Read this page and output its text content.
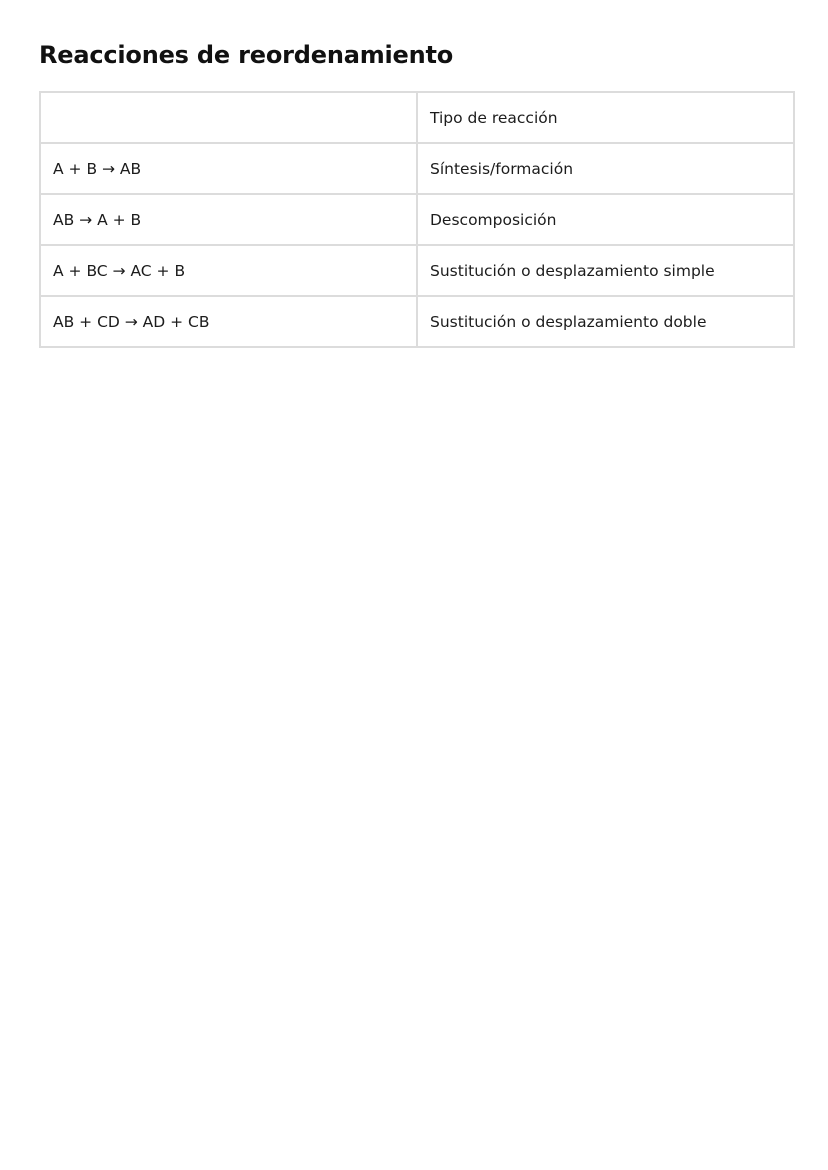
Reacciones de reordenamiento
	Tipo de reacción
A + B → AB	Síntesis/formación
AB → A + B	Descomposición
A + BC → AC + B	Sustitución o desplazamiento simple
AB + CD → AD + CB	Sustitución o desplazamiento doble
